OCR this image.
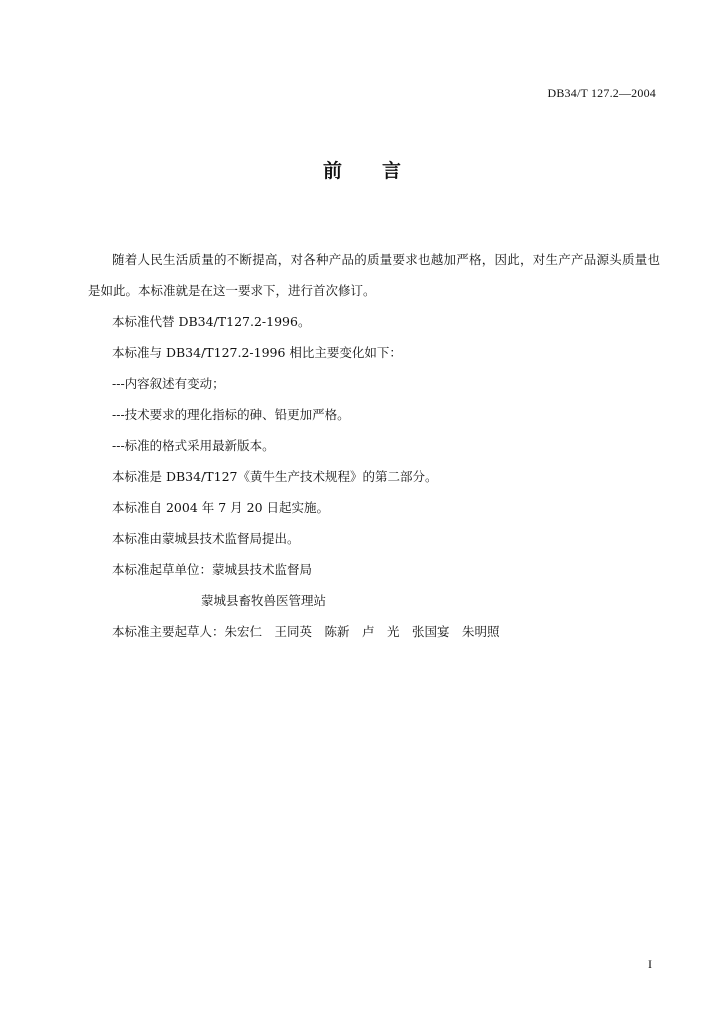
DB34/T 127.2—2004
前 言

随着人民生活质量的不断提高，对各种产品的质量要求也越加严格，因此，对生产产品源头质量也是如此。本标准就是在这一要求下，进行首次修订。

本标准代替 DB34/T127.2-1996。

本标准与 DB34/T127.2-1996 相比主要变化如下：

---内容叙述有变动；

---技术要求的理化指标的砷、铅更加严格。

---标准的格式采用最新版本。

本标准是 DB34/T127《黄牛生产技术规程》的第二部分。

本标准自 2004 年 7 月 20 日起实施。

本标准由蒙城县技术监督局提出。

本标准起草单位：蒙城县技术监督局

蒙城县畜牧兽医管理站

本标准主要起草人：朱宏仁　王同英　陈新　卢　光　张国宴　朱明照

I
